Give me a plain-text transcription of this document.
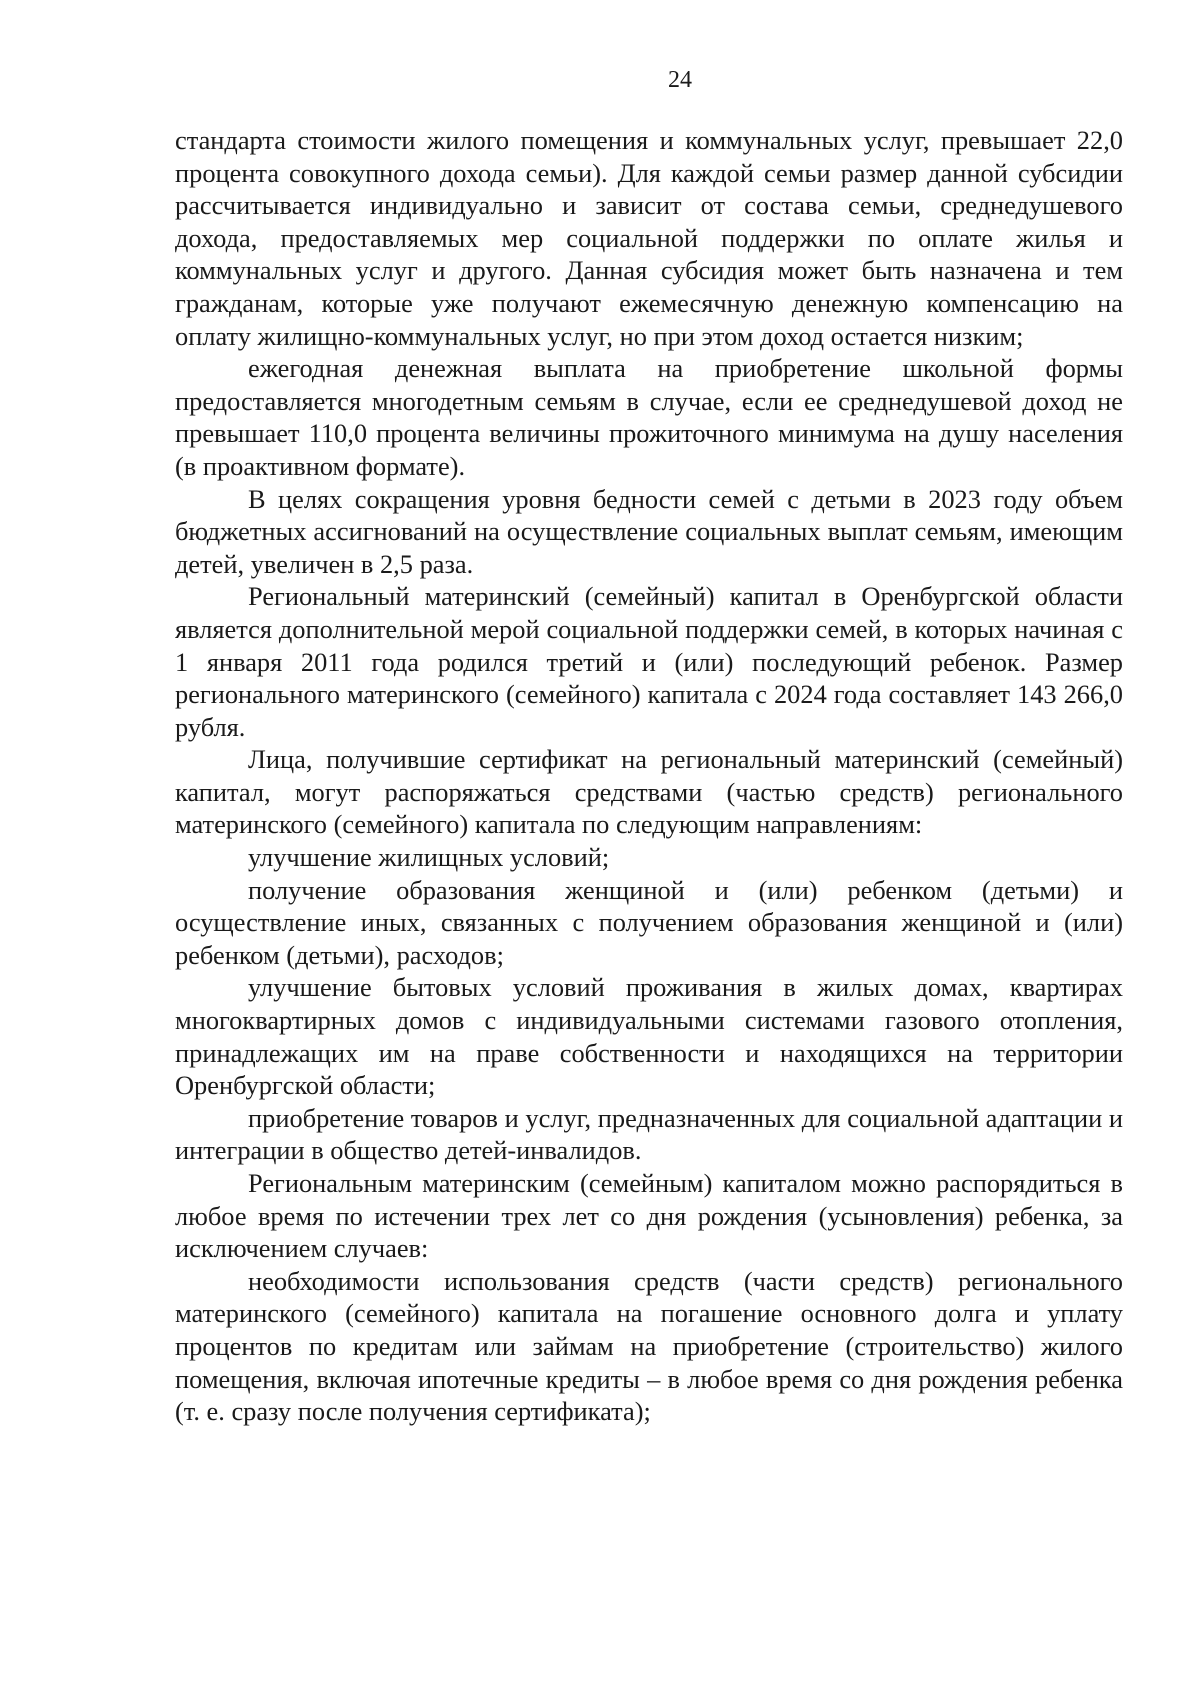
24

стандарта стоимости жилого помещения и коммунальных услуг, превышает 22,0 процента совокупного дохода семьи). Для каждой семьи размер данной субсидии рассчитывается индивидуально и зависит от состава семьи, среднедушевого дохода, предоставляемых мер социальной поддержки по оплате жилья и коммунальных услуг и другого. Данная субсидия может быть назначена и тем гражданам, которые уже получают ежемесячную денежную компенсацию на оплату жилищно-коммунальных услуг, но при этом доход остается низким;

ежегодная денежная выплата на приобретение школьной формы предоставляется многодетным семьям в случае, если ее среднедушевой доход не превышает 110,0 процента величины прожиточного минимума на душу населения (в проактивном формате).

В целях сокращения уровня бедности семей с детьми в 2023 году объем бюджетных ассигнований на осуществление социальных выплат семьям, имеющим детей, увеличен в 2,5 раза.

Региональный материнский (семейный) капитал в Оренбургской области является дополнительной мерой социальной поддержки семей, в которых начиная с 1 января 2011 года родился третий и (или) последующий ребенок. Размер регионального материнского (семейного) капитала с 2024 года составляет 143 266,0 рубля.

Лица, получившие сертификат на региональный материнский (семейный) капитал, могут распоряжаться средствами (частью средств) регионального материнского (семейного) капитала по следующим направлениям:

улучшение жилищных условий;

получение образования женщиной и (или) ребенком (детьми) и осуществление иных, связанных с получением образования женщиной и (или) ребенком (детьми), расходов;

улучшение бытовых условий проживания в жилых домах, квартирах многоквартирных домов с индивидуальными системами газового отопления, принадлежащих им на праве собственности и находящихся на территории Оренбургской области;

приобретение товаров и услуг, предназначенных для социальной адаптации и интеграции в общество детей-инвалидов.

Региональным материнским (семейным) капиталом можно распорядиться в любое время по истечении трех лет со дня рождения (усыновления) ребенка, за исключением случаев:

необходимости использования средств (части средств) регионального материнского (семейного) капитала на погашение основного долга и уплату процентов по кредитам или займам на приобретение (строительство) жилого помещения, включая ипотечные кредиты – в любое время со дня рождения ребенка (т. е. сразу после получения сертификата);
